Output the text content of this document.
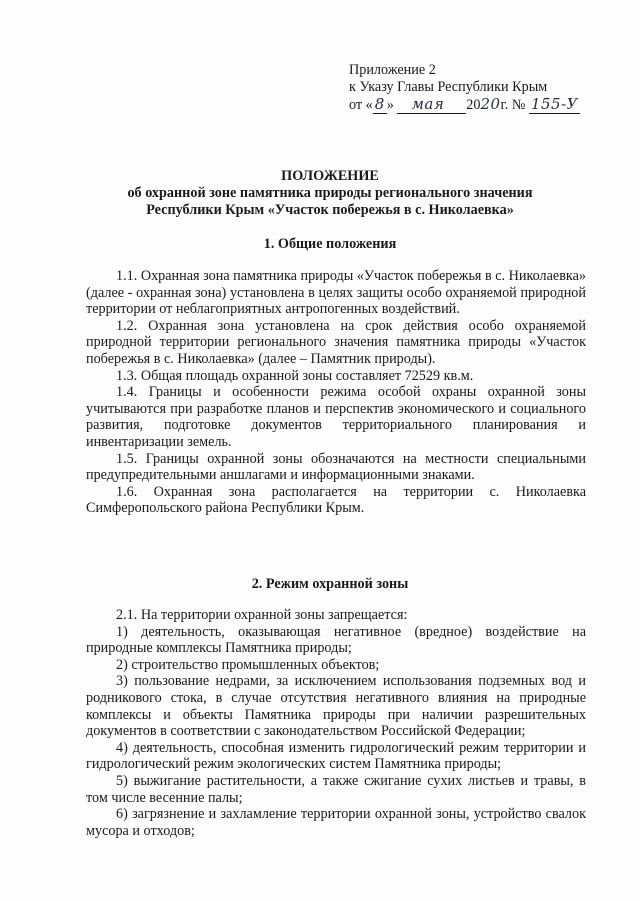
Приложение 2
к Указу Главы Республики Крым
от « 8 » мая 2020г. № 155-У
ПОЛОЖЕНИЕ
об охранной зоне памятника природы регионального значения
Республики Крым «Участок побережья в с. Николаевка»
1. Общие положения

1.1. Охранная зона памятника природы «Участок побережья в с. Николаевка» (далее - охранная зона) установлена в целях защиты особо охраняемой природной территории от неблагоприятных антропогенных воздействий.

1.2. Охранная зона установлена на срок действия особо охраняемой природной территории регионального значения памятника природы «Участок побережья в с. Николаевка» (далее – Памятник природы).

1.3. Общая площадь охранной зоны составляет 72529 кв.м.

1.4. Границы и особенности режима особой охраны охранной зоны учитываются при разработке планов и перспектив экономического и социального развития, подготовке документов территориального планирования и инвентаризации земель.

1.5. Границы охранной зоны обозначаются на местности специальными предупредительными аншлагами и информационными знаками.

1.6. Охранная зона располагается на территории с. Николаевка Симферопольского района Республики Крым.

2. Режим охранной зоны

2.1. На территории охранной зоны запрещается:

1) деятельность, оказывающая негативное (вредное) воздействие на природные комплексы Памятника природы;

2) строительство промышленных объектов;

3) пользование недрами, за исключением использования подземных вод и родникового стока, в случае отсутствия негативного влияния на природные комплексы и объекты Памятника природы при наличии разрешительных документов в соответствии с законодательством Российской Федерации;

4) деятельность, способная изменить гидрологический режим территории и гидрологический режим экологических систем Памятника природы;

5) выжигание растительности, а также сжигание сухих листьев и травы, в том числе весенние палы;

6) загрязнение и захламление территории охранной зоны, устройство свалок мусора и отходов;
